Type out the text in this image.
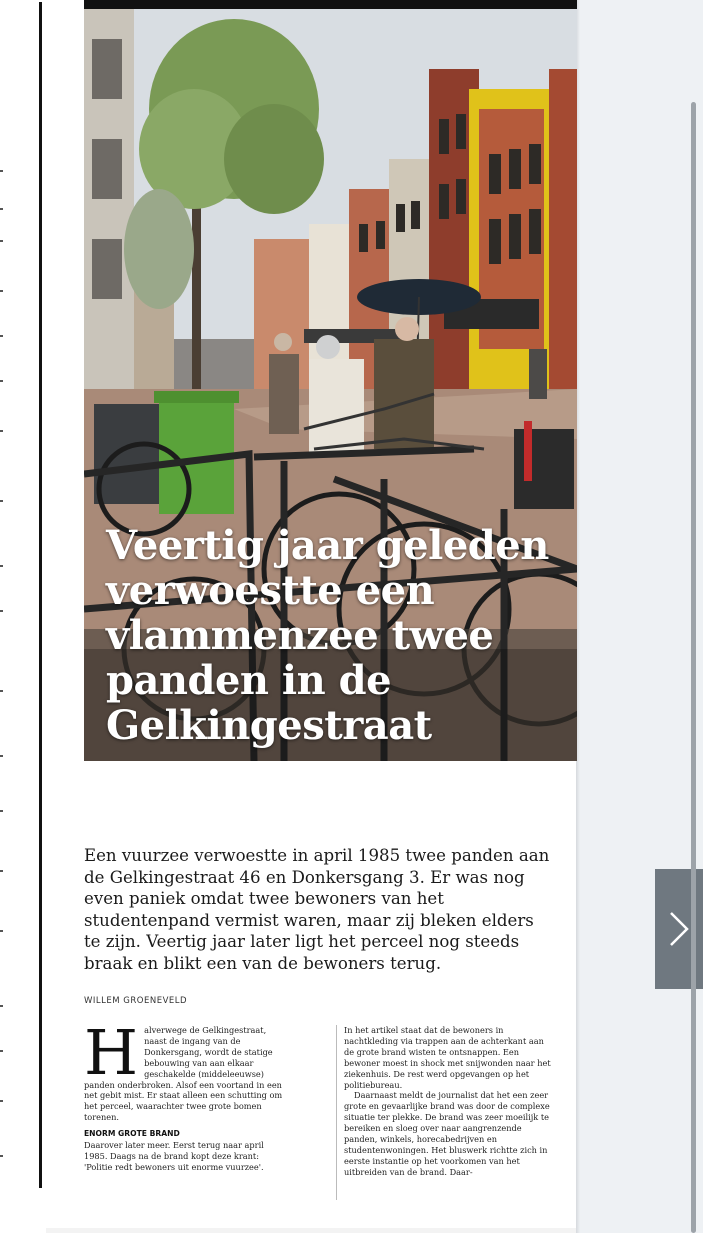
Veertig jaar geleden verwoestte een vlammenzee twee panden in de Gelkingestraat

Een vuurzee verwoestte in april 1985 twee panden aan de Gelkingestraat 46 en Donkersgang 3. Er was nog even paniek omdat twee bewoners van het studentenpand vermist waren, maar zij bleken elders te zijn. Veertig jaar later ligt het perceel nog steeds braak en blikt een van de bewoners terug.

WILLEM GROENEVELD

H alverwege de Gelkingestraat, naast de ingang van de Donkersgang, wordt de statige bebouwing van aan elkaar geschakelde (middeleeuwse) panden onderbroken. Alsof een voortand in een net gebit mist. Er staat alleen een schutting om het perceel, waarachter twee grote bomen torenen.

ENORM GROTE BRAND

Daarover later meer. Eerst terug naar april 1985. Daags na de brand kopt deze krant: 'Politie redt bewoners uit enorme vuurzee'.

In het artikel staat dat de bewoners in nachtkleding via trappen aan de achterkant aan de grote brand wisten te ontsnappen. Een bewoner moest in shock met snijwonden naar het ziekenhuis. De rest werd opgevangen op het politiebureau.

Daarnaast meldt de journalist dat het een zeer grote en gevaarlijke brand was door de complexe situatie ter plekke. De brand was zeer moeilijk te bereiken en sloeg over naar aangrenzende panden, winkels, horecabedrijven en studentenwoningen. Het bluswerk richtte zich in eerste instantie op het voorkomen van het uitbreiden van de brand. Daar-
